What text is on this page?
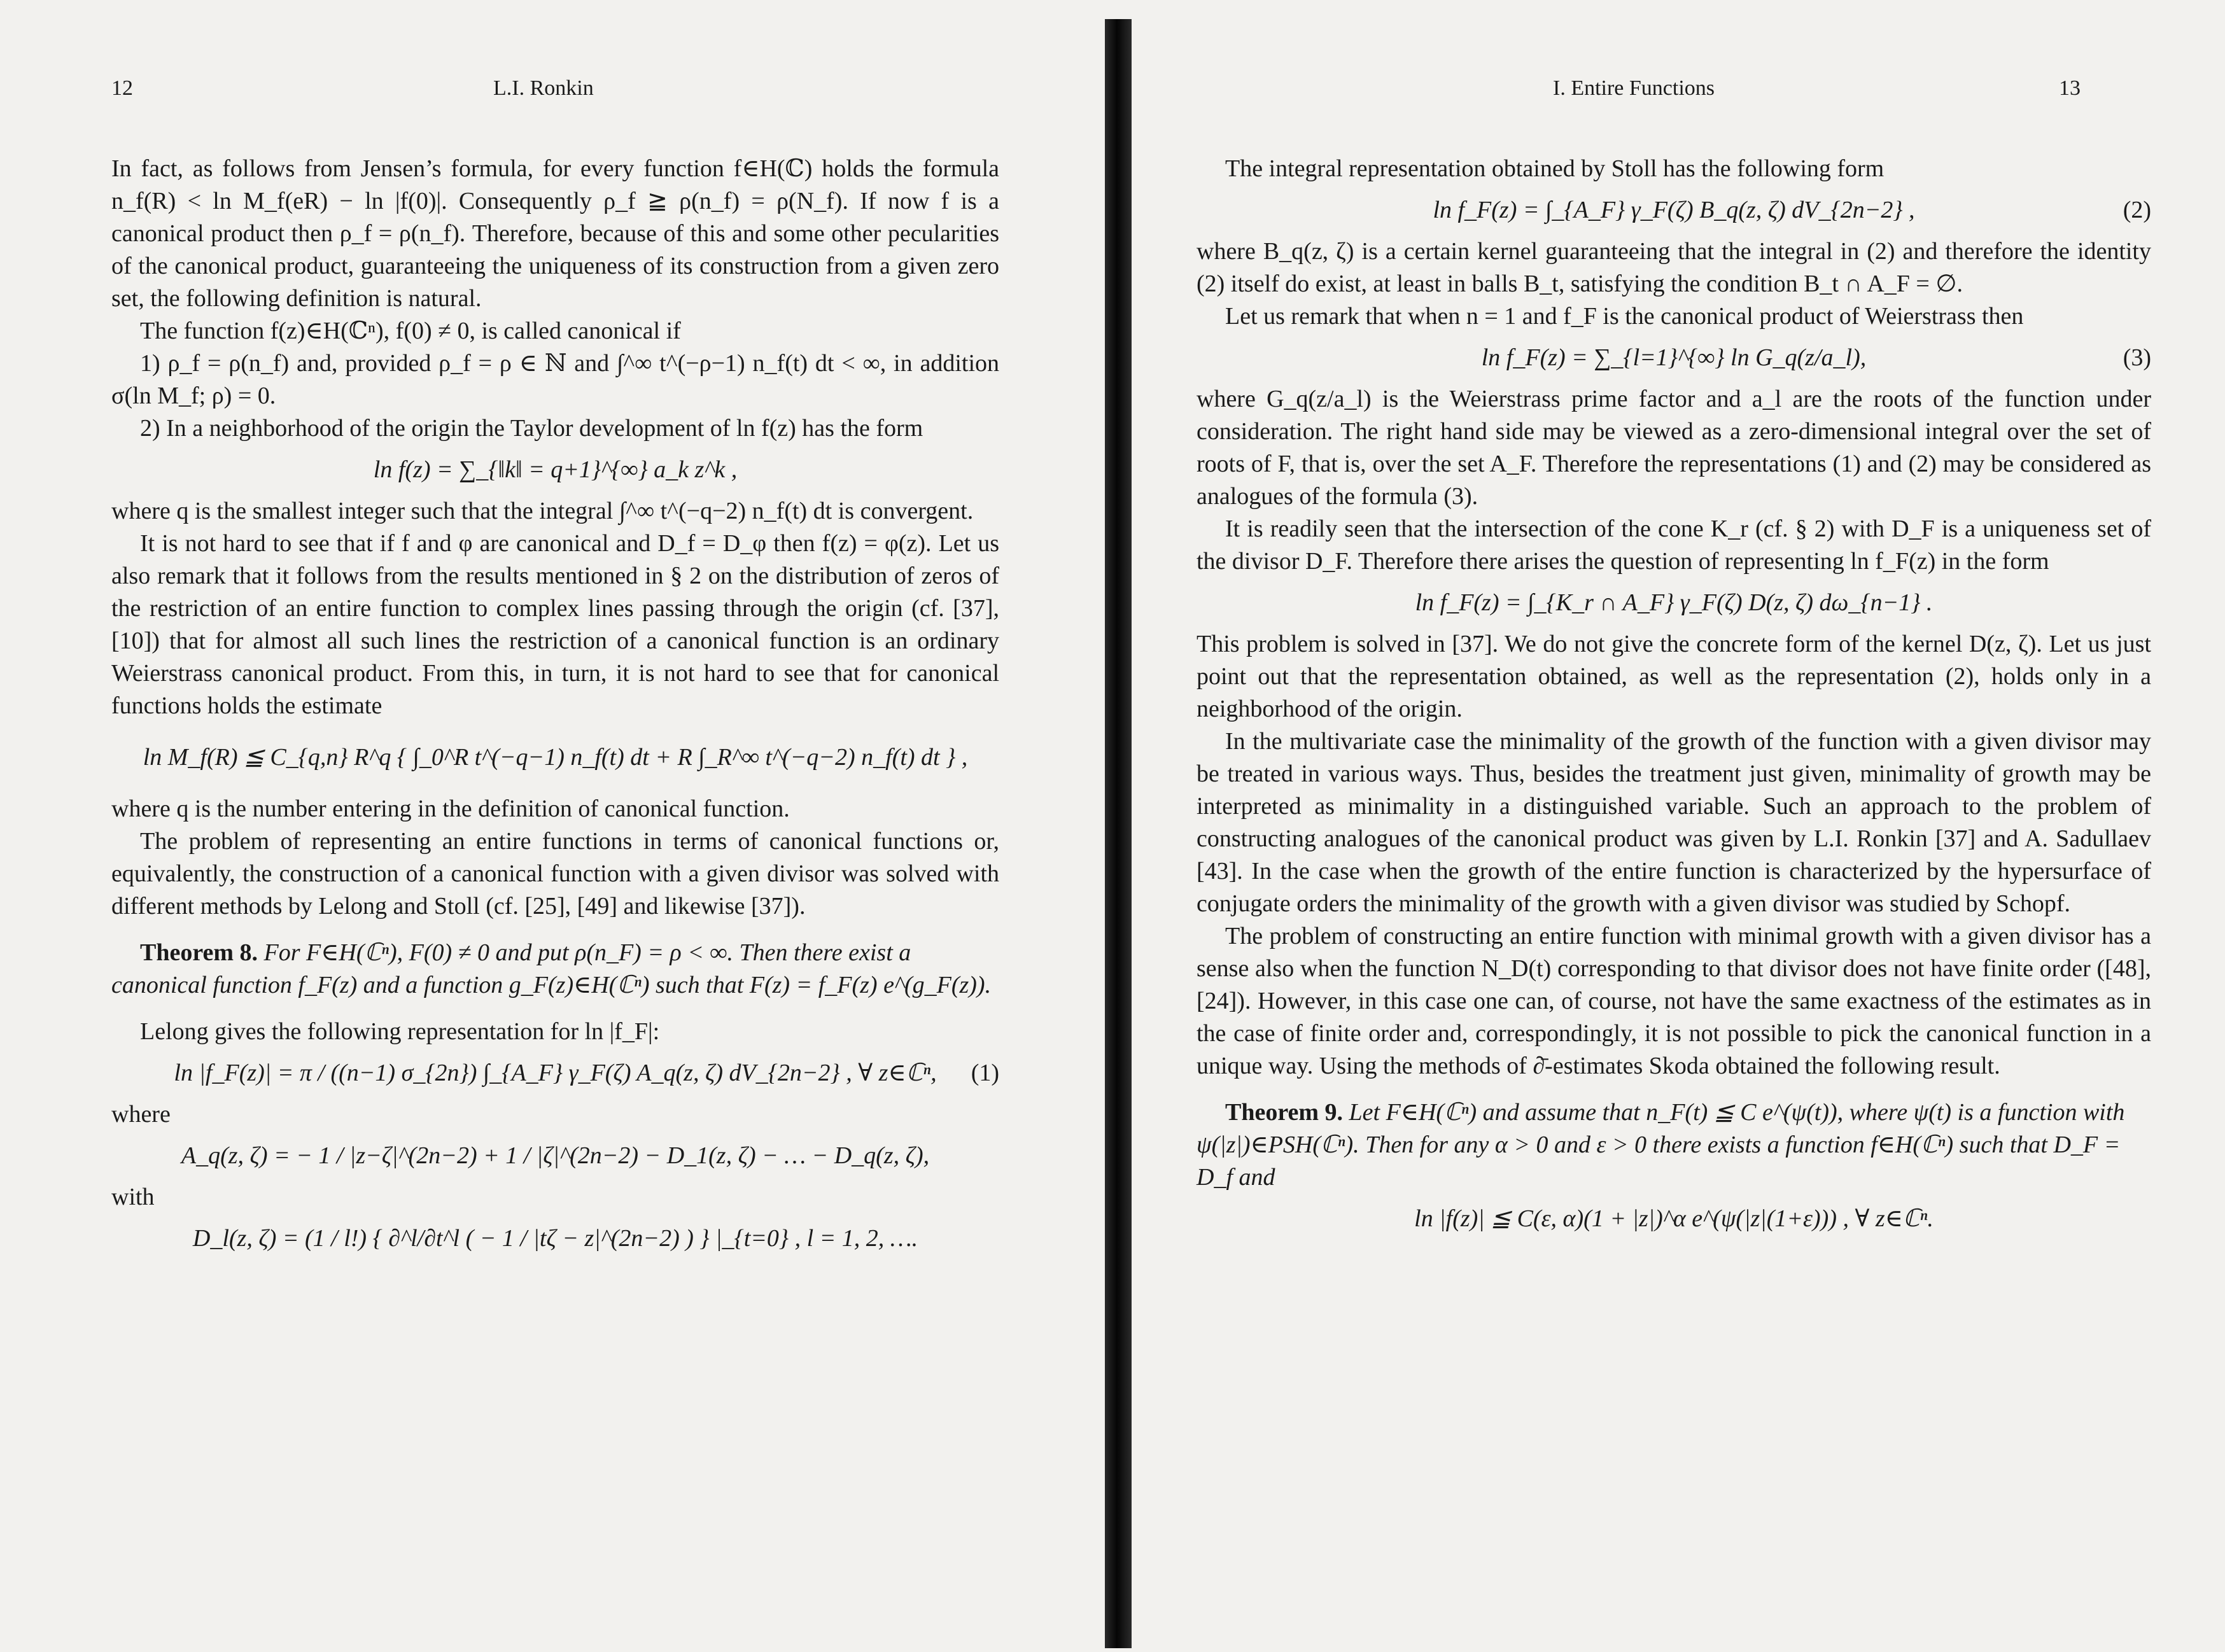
12	L.I. Ronkin

In fact, as follows from Jensen’s formula, for every function f∈H(ℂ) holds the formula n_f(R) < ln M_f(eR) − ln |f(0)|. Consequently ρ_f ≧ ρ(n_f) = ρ(N_f). If now f is a canonical product then ρ_f = ρ(n_f). Therefore, because of this and some other pecularities of the canonical product, guaranteeing the uniqueness of its construction from a given zero set, the following definition is natural.

The function f(z)∈H(ℂⁿ), f(0) ≠ 0, is called canonical if

1) ρ_f = ρ(n_f) and, provided ρ_f = ρ ∈ ℕ and ∫^∞ t^(−ρ−1) n_f(t) dt < ∞, in addition σ(ln M_f; ρ) = 0.

2) In a neighborhood of the origin the Taylor development of ln f(z) has the form

ln f(z) = ∑_{‖k‖ = q+1}^{∞} a_k z^k ,

where q is the smallest integer such that the integral ∫^∞ t^(−q−2) n_f(t) dt is convergent.

It is not hard to see that if f and φ are canonical and D_f = D_φ then f(z) = φ(z). Let us also remark that it follows from the results mentioned in § 2 on the distribution of zeros of the restriction of an entire function to complex lines passing through the origin (cf. [37], [10]) that for almost all such lines the restriction of a canonical function is an ordinary Weierstrass canonical product. From this, in turn, it is not hard to see that for canonical functions holds the estimate

ln M_f(R) ≦ C_{q,n} R^q { ∫_0^R t^(−q−1) n_f(t) dt + R ∫_R^∞ t^(−q−2) n_f(t) dt } ,

where q is the number entering in the definition of canonical function.

The problem of representing an entire functions in terms of canonical functions or, equivalently, the construction of a canonical function with a given divisor was solved with different methods by Lelong and Stoll (cf. [25], [49] and likewise [37]).

Theorem 8. For F∈H(ℂⁿ), F(0) ≠ 0 and put ρ(n_F) = ρ < ∞. Then there exist a canonical function f_F(z) and a function g_F(z)∈H(ℂⁿ) such that F(z) = f_F(z) e^(g_F(z)).

Lelong gives the following representation for ln |f_F|:

ln |f_F(z)| = π / ((n−1) σ_{2n}) ∫_{A_F} γ_F(ζ) A_q(z, ζ) dV_{2n−2} , ∀ z∈ℂⁿ, (1)

where

A_q(z, ζ) = − 1 / |z−ζ|^(2n−2) + 1 / |ζ|^(2n−2) − D_1(z, ζ) − … − D_q(z, ζ),

with

D_l(z, ζ) = (1 / l!) { ∂^l/∂t^l ( − 1 / |tζ − z|^(2n−2) ) } |_{t=0} , l = 1, 2, ….
I. Entire Functions	13

The integral representation obtained by Stoll has the following form

ln f_F(z) = ∫_{A_F} γ_F(ζ) B_q(z, ζ) dV_{2n−2} ,	(2)

where B_q(z, ζ) is a certain kernel guaranteeing that the integral in (2) and therefore the identity (2) itself do exist, at least in balls B_t, satisfying the condition B_t ∩ A_F = ∅.

Let us remark that when n = 1 and f_F is the canonical product of Weierstrass then

ln f_F(z) = ∑_{l=1}^{∞} ln G_q(z/a_l),	(3)

where G_q(z/a_l) is the Weierstrass prime factor and a_l are the roots of the function under consideration. The right hand side may be viewed as a zero-dimensional integral over the set of roots of F, that is, over the set A_F. Therefore the representations (1) and (2) may be considered as analogues of the formula (3).

It is readily seen that the intersection of the cone K_r (cf. § 2) with D_F is a uniqueness set of the divisor D_F. Therefore there arises the question of representing ln f_F(z) in the form

ln f_F(z) = ∫_{K_r ∩ A_F} γ_F(ζ) D(z, ζ) dω_{n−1} .

This problem is solved in [37]. We do not give the concrete form of the kernel D(z, ζ). Let us just point out that the representation obtained, as well as the representation (2), holds only in a neighborhood of the origin.

In the multivariate case the minimality of the growth of the function with a given divisor may be treated in various ways. Thus, besides the treatment just given, minimality of growth may be interpreted as minimality in a distinguished variable. Such an approach to the problem of constructing analogues of the canonical product was given by L.I. Ronkin [37] and A. Sadullaev [43]. In the case when the growth of the entire function is characterized by the hypersurface of conjugate orders the minimality of the growth with a given divisor was studied by Schopf.

The problem of constructing an entire function with minimal growth with a given divisor has a sense also when the function N_D(t) corresponding to that divisor does not have finite order ([48], [24]). However, in this case one can, of course, not have the same exactness of the estimates as in the case of finite order and, correspondingly, it is not possible to pick the canonical function in a unique way. Using the methods of ∂̄-estimates Skoda obtained the following result.

Theorem 9. Let F∈H(ℂⁿ) and assume that n_F(t) ≦ C e^(ψ(t)), where ψ(t) is a function with ψ(|z|)∈PSH(ℂⁿ). Then for any α > 0 and ε > 0 there exists a function f∈H(ℂⁿ) such that D_F = D_f and
ln |f(z)| ≦ C(ε, α)(1 + |z|)^α e^(ψ(|z|(1+ε))) , ∀ z∈ℂⁿ.
